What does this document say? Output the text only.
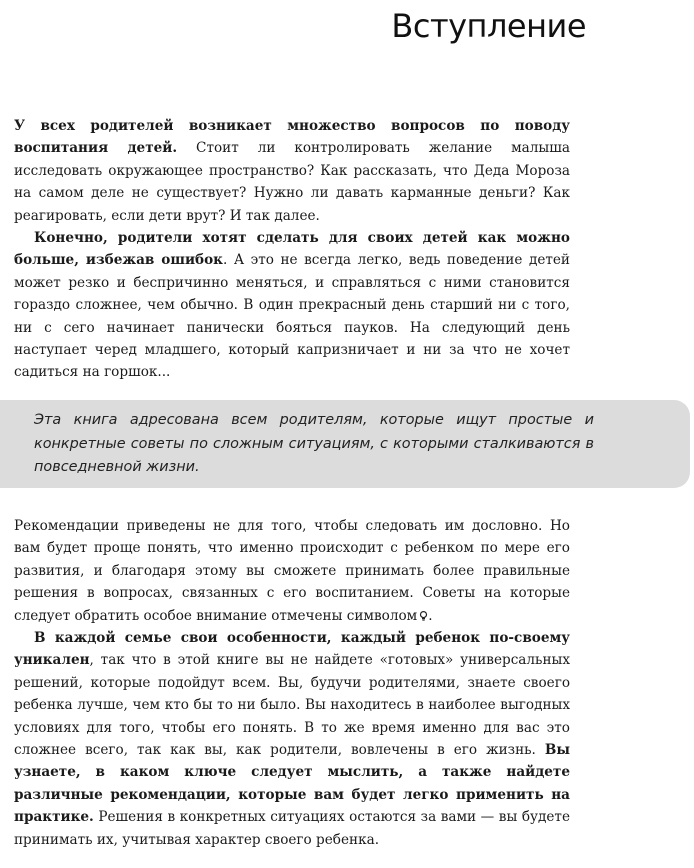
Вступление

У всех родителей возникает множество вопросов по поводу воспитания детей. Стоит ли контролировать желание малыша исследовать окружающее пространство? Как рассказать, что Деда Мороза на самом деле не существует? Нужно ли давать карманные деньги? Как реагировать, если дети врут? И так далее.

Конечно, родители хотят сделать для своих детей как можно больше, избежав ошибок. А это не всегда легко, ведь поведение детей может резко и беспричинно меняться, и справляться с ними становится гораздо сложнее, чем обычно. В один прекрасный день старший ни с того, ни с сего начинает панически бояться пауков. На следующий день наступает черед младшего, который капризничает и ни за что не хочет садиться на горшок...

Эта книга адресована всем родителям, которые ищут простые и конкретные советы по сложным ситуациям, с которыми сталкиваются в повседневной жизни.

Рекомендации приведены не для того, чтобы следовать им дословно. Но вам будет проще понять, что именно происходит с ребенком по мере его развития, и благодаря этому вы сможете принимать более правильные решения в вопросах, связанных с его воспитанием. Советы на которые следует обратить особое внимание отмечены символом .

В каждой семье свои особенности, каждый ребенок по-своему уникален, так что в этой книге вы не найдете «готовых» универсальных решений, которые подойдут всем. Вы, будучи родителями, знаете своего ребенка лучше, чем кто бы то ни было. Вы находитесь в наиболее выгодных условиях для того, чтобы его понять. В то же время именно для вас это сложнее всего, так как вы, как родители, вовлечены в его жизнь. Вы узнаете, в каком ключе следует мыслить, а также найдете различные рекомендации, которые вам будет легко применить на практике. Решения в конкретных ситуациях остаются за вами — вы будете принимать их, учитывая характер своего ребенка.
